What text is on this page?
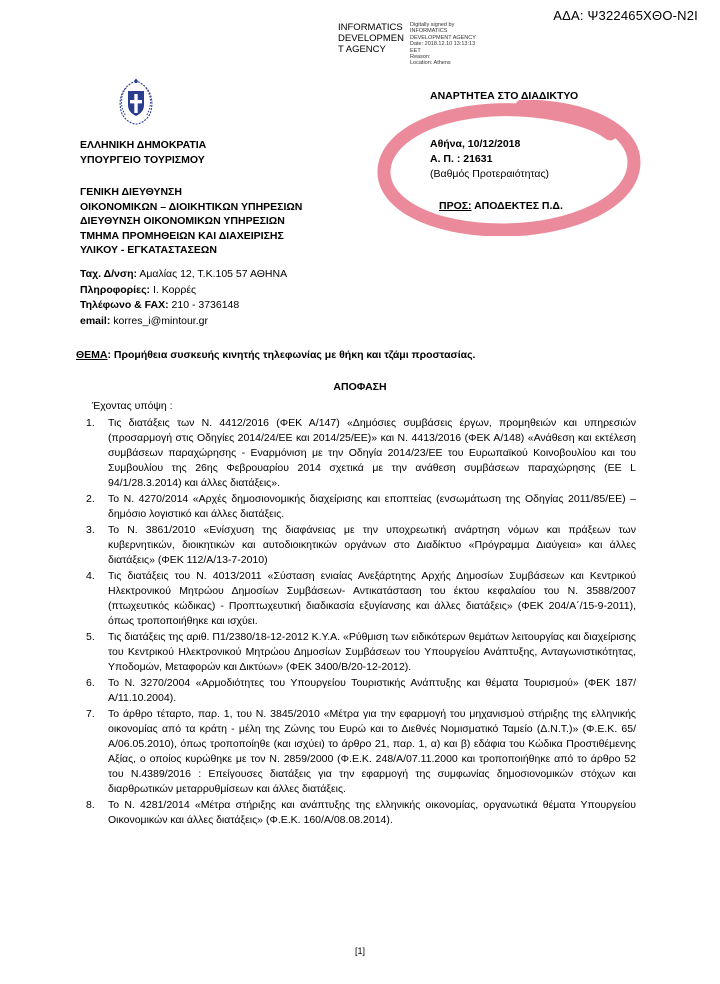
ΑΔΑ: Ψ322465ΧΘΟ-Ν2Ι
INFORMATICS
DEVELOPMEN
T AGENCY
Digitally signed by
INFORMATICS
DEVELOPMENT AGENCY
Date: 2018.12.10 13:13:13
EET
Reason:
Location: Athens
ΕΛΛΗΝΙΚΗ ΔΗΜΟΚΡΑΤΙΑ
ΥΠΟΥΡΓΕΙΟ ΤΟΥΡΙΣΜΟΥ
ΓΕΝΙΚΗ ΔΙΕΥΘΥΝΣΗ
ΟΙΚΟΝΟΜΙΚΩΝ – ΔΙΟΙΚΗΤΙΚΩΝ ΥΠΗΡΕΣΙΩΝ
ΔΙΕΥΘΥΝΣΗ ΟΙΚΟΝΟΜΙΚΩΝ ΥΠΗΡΕΣΙΩΝ
ΤΜΗΜΑ ΠΡΟΜΗΘΕΙΩΝ ΚΑΙ ΔΙΑΧΕΙΡΙΣΗΣ
ΥΛΙΚΟΥ - ΕΓΚΑΤΑΣΤΑΣΕΩΝ
Ταχ. Δ/νση: Αμαλίας 12, Τ.Κ.105 57 ΑΘΗΝΑ
Πληροφορίες: Ι. Κορρές
Τηλέφωνο & FAX: 210 - 3736148
email: korres_i@mintour.gr
ΑΝΑΡΤΗΤΕΑ ΣΤΟ ΔΙΑΔΙΚΤΥΟ
Αθήνα, 10/12/2018
Α. Π. : 21631
(Βαθμός Προτεραιότητας)
ΠΡΟΣ: ΑΠΟΔΕΚΤΕΣ Π.Δ.
ΘΕΜΑ: Προμήθεια συσκευής κινητής τηλεφωνίας με θήκη και τζάμι προστασίας.
ΑΠΟΦΑΣΗ
Έχοντας υπόψη :
1. Τις διατάξεις των Ν. 4412/2016 (ΦΕΚ Α/147) «Δημόσιες συμβάσεις έργων, προμηθειών και υπηρεσιών (προσαρμογή στις Οδηγίες 2014/24/ΕΕ και 2014/25/ΕΕ)» και Ν. 4413/2016 (ΦΕΚ Α/148) «Ανάθεση και εκτέλεση συμβάσεων παραχώρησης - Εναρμόνιση με την Οδηγία 2014/23/ΕΕ του Ευρωπαϊκού Κοινοβουλίου και του Συμβουλίου της 26ης Φεβρουαρίου 2014 σχετικά με την ανάθεση συμβάσεων παραχώρησης (ΕΕ L 94/1/28.3.2014) και άλλες διατάξεις».
2. Το Ν. 4270/2014 «Αρχές δημοσιονομικής διαχείρισης και εποπτείας (ενσωμάτωση της Οδηγίας 2011/85/ΕΕ) – δημόσιο λογιστικό και άλλες διατάξεις.
3. Το Ν. 3861/2010 «Ενίσχυση της διαφάνειας με την υποχρεωτική ανάρτηση νόμων και πράξεων των κυβερνητικών, διοικητικών και αυτοδιοικητικών οργάνων στο Διαδίκτυο «Πρόγραμμα Διαύγεια» και άλλες διατάξεις» (ΦΕΚ 112/Α/13-7-2010)
4. Τις διατάξεις του Ν. 4013/2011 «Σύσταση ενιαίας Ανεξάρτητης Αρχής Δημοσίων Συμβάσεων και Κεντρικού Ηλεκτρονικού Μητρώου Δημοσίων Συμβάσεων- Αντικατάσταση του έκτου κεφαλαίου του Ν. 3588/2007 (πτωχευτικός κώδικας) - Προπτωχευτική διαδικασία εξυγίανσης και άλλες διατάξεις» (ΦΕΚ 204/Α΄/15-9-2011), όπως τροποποιήθηκε και ισχύει.
5. Τις διατάξεις της αριθ. Π1/2380/18-12-2012 Κ.Υ.Α. «Ρύθμιση των ειδικότερων θεμάτων λειτουργίας και διαχείρισης του Κεντρικού Ηλεκτρονικού Μητρώου Δημοσίων Συμβάσεων του Υπουργείου Ανάπτυξης, Ανταγωνιστικότητας, Υποδομών, Μεταφορών και Δικτύων» (ΦΕΚ 3400/Β/20-12-2012).
6. Το Ν. 3270/2004 «Αρμοδιότητες του Υπουργείου Τουριστικής Ανάπτυξης και θέματα Τουρισμού» (ΦΕΚ 187/Α/11.10.2004).
7. Το άρθρο τέταρτο, παρ. 1, του Ν. 3845/2010 «Μέτρα για την εφαρμογή του μηχανισμού στήριξης της ελληνικής οικονομίας από τα κράτη - μέλη της Ζώνης του Ευρώ και το Διεθνές Νομισματικό Ταμείο (Δ.Ν.Τ.)» (Φ.Ε.Κ. 65/Α/06.05.2010), όπως τροποποίηθε (και ισχύει) το άρθρο 21, παρ. 1, α) και β) εδάφια του Κώδικα Προστιθέμενης Αξίας, ο οποίος κυρώθηκε με τον Ν. 2859/2000 (Φ.Ε.Κ. 248/Α/07.11.2000 και τροποποιήθηκε από το άρθρο 52 του Ν.4389/2016 : Επείγουσες διατάξεις για την εφαρμογή της συμφωνίας δημοσιονομικών στόχων και διαρθρωτικών μεταρρυθμίσεων και άλλες διατάξεις.
8. Το Ν. 4281/2014 «Μέτρα στήριξης και ανάπτυξης της ελληνικής οικονομίας, οργανωτικά θέματα Υπουργείου Οικονομικών και άλλες διατάξεις» (Φ.Ε.Κ. 160/Α/08.08.2014).
[1]
